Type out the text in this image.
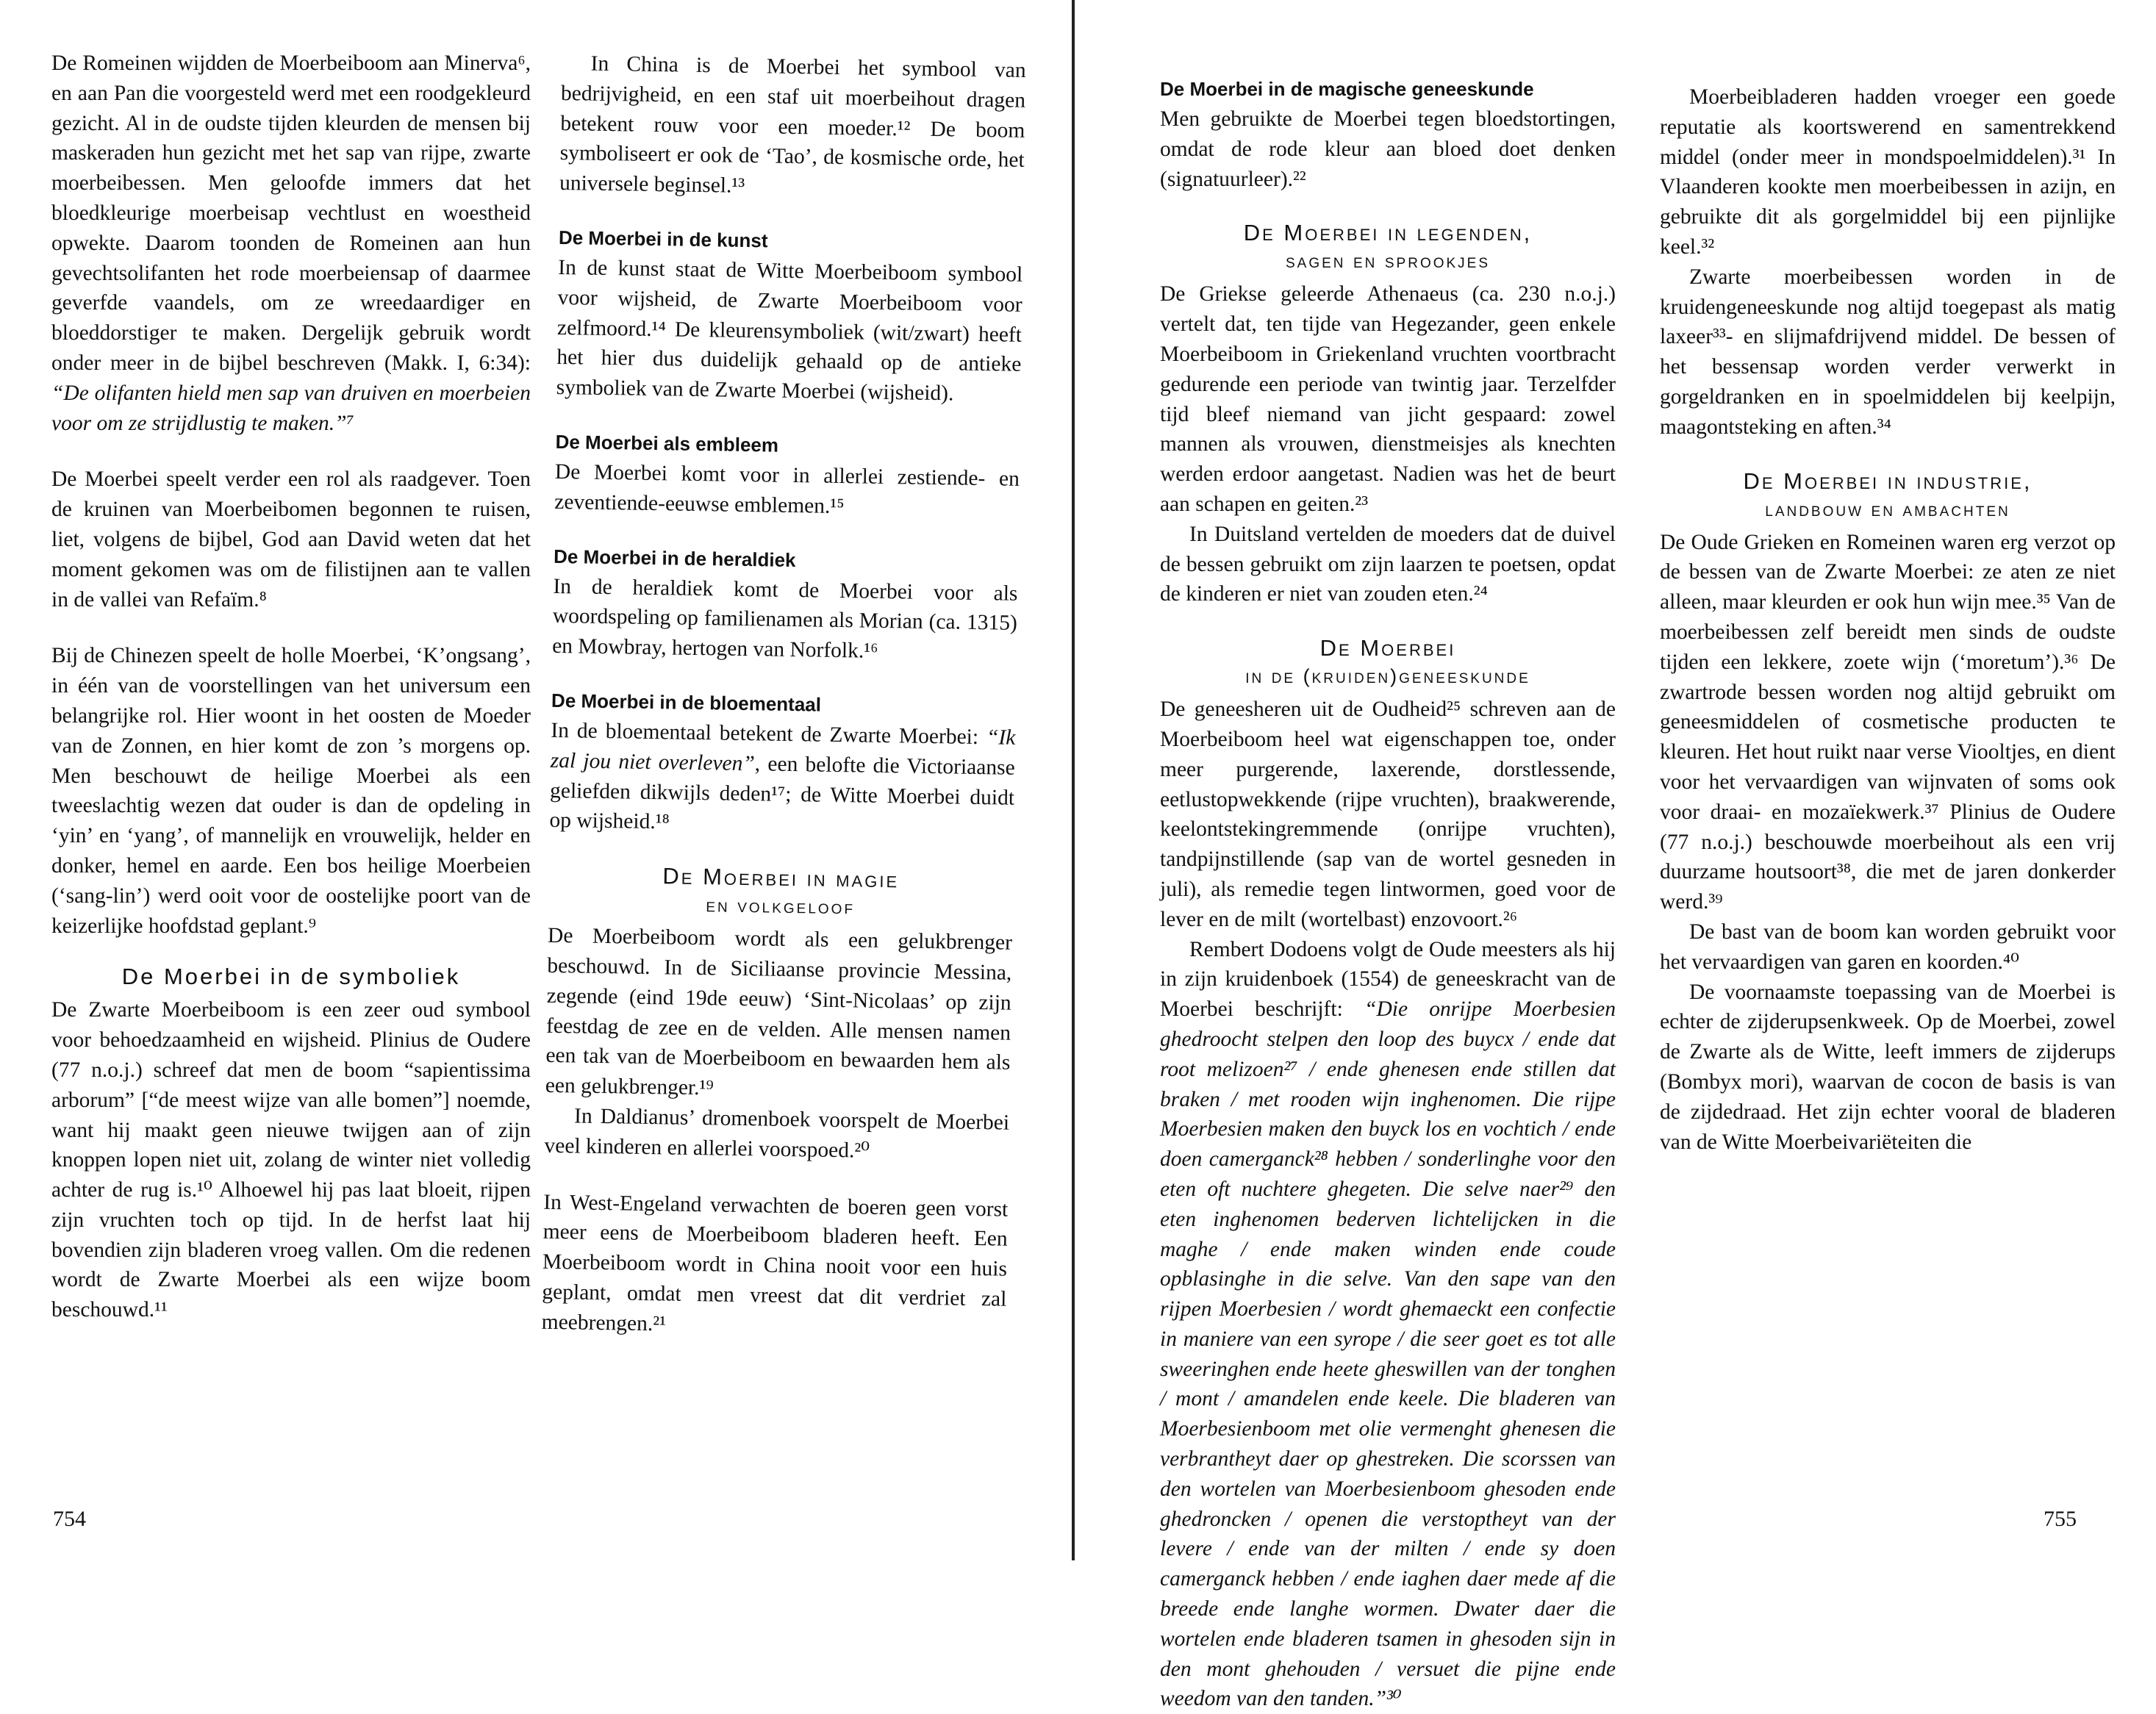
De Romeinen wijdden de Moerbeiboom aan Minerva⁶, en aan Pan die voorgesteld werd met een roodgekleurd gezicht. Al in de oudste tijden kleurden de mensen bij maskeraden hun gezicht met het sap van rijpe, zwarte moerbeibessen. Men geloofde immers dat het bloedkleurige moerbeisap vechtlust en woestheid opwekte. Daarom toonden de Romeinen aan hun gevechtsolifanten het rode moerbeiensap of daarmee geverfde vaandels, om ze wreedaardiger en bloeddorstiger te maken. Dergelijk gebruik wordt onder meer in de bijbel beschreven (Makk. I, 6:34): “De olifanten hield men sap van druiven en moerbeien voor om ze strijdlustig te maken.”⁷

De Moerbei speelt verder een rol als raadgever. Toen de kruinen van Moerbeibomen begonnen te ruisen, liet, volgens de bijbel, God aan David weten dat het moment gekomen was om de filistijnen aan te vallen in de vallei van Refaïm.⁸

Bij de Chinezen speelt de holle Moerbei, ‘K’ongsang’, in één van de voorstellingen van het universum een belangrijke rol. Hier woont in het oosten de Moeder van de Zonnen, en hier komt de zon ’s morgens op. Men beschouwt de heilige Moerbei als een tweeslachtig wezen dat ouder is dan de opdeling in ‘yin’ en ‘yang’, of mannelijk en vrouwelijk, helder en donker, hemel en aarde. Een bos heilige Moerbeien (‘sang-lin’) werd ooit voor de oostelijke poort van de keizerlijke hoofdstad geplant.⁹

De Moerbei in de symboliek

De Zwarte Moerbeiboom is een zeer oud symbool voor behoedzaamheid en wijsheid. Plinius de Oudere (77 n.o.j.) schreef dat men de boom “sapientissima arborum” [“de meest wijze van alle bomen”] noemde, want hij maakt geen nieuwe twijgen aan of zijn knoppen lopen niet uit, zolang de winter niet volledig achter de rug is.¹⁰ Alhoewel hij pas laat bloeit, rijpen zijn vruchten toch op tijd. In de herfst laat hij bovendien zijn bladeren vroeg vallen. Om die redenen wordt de Zwarte Moerbei als een wijze boom beschouwd.¹¹

In China is de Moerbei het symbool van bedrijvigheid, en een staf uit moerbeihout dragen betekent rouw voor een moeder.¹² De boom symboliseert er ook de ‘Tao’, de kosmische orde, het universele beginsel.¹³

De Moerbei in de kunst

In de kunst staat de Witte Moerbeiboom symbool voor wijsheid, de Zwarte Moerbeiboom voor zelfmoord.¹⁴ De kleurensymboliek (wit/zwart) heeft het hier dus duidelijk gehaald op de antieke symboliek van de Zwarte Moerbei (wijsheid).

De Moerbei als embleem

De Moerbei komt voor in allerlei zestiende- en zeventiende-eeuwse emblemen.¹⁵

De Moerbei in de heraldiek

In de heraldiek komt de Moerbei voor als woordspeling op familienamen als Morian (ca. 1315) en Mowbray, hertogen van Norfolk.¹⁶

De Moerbei in de bloementaal

In de bloementaal betekent de Zwarte Moerbei: “Ik zal jou niet overleven”, een belofte die Victoriaanse geliefden dikwijls deden¹⁷; de Witte Moerbei duidt op wijsheid.¹⁸

De Moerbei in magie
en volkgeloof

De Moerbeiboom wordt als een gelukbrenger beschouwd. In de Siciliaanse provincie Messina, zegende (eind 19de eeuw) ‘Sint-Nicolaas’ op zijn feestdag de zee en de velden. Alle mensen namen een tak van de Moerbeiboom en bewaarden hem als een gelukbrenger.¹⁹

In Daldianus’ dromenboek voorspelt de Moerbei veel kinderen en allerlei voorspoed.²⁰

In West-Engeland verwachten de boeren geen vorst meer eens de Moerbeiboom bladeren heeft. Een Moerbeiboom wordt in China nooit voor een huis geplant, omdat men vreest dat dit verdriet zal meebrengen.²¹

754
De Moerbei in de magische geneeskunde

Men gebruikte de Moerbei tegen bloedstortingen, omdat de rode kleur aan bloed doet denken (signatuurleer).²²

De Moerbei in legenden,
sagen en sprookjes

De Griekse geleerde Athenaeus (ca. 230 n.o.j.) vertelt dat, ten tijde van Hegezander, geen enkele Moerbeiboom in Griekenland vruchten voortbracht gedurende een periode van twintig jaar. Terzelfder tijd bleef niemand van jicht gespaard: zowel mannen als vrouwen, dienstmeisjes als knechten werden erdoor aangetast. Nadien was het de beurt aan schapen en geiten.²³

In Duitsland vertelden de moeders dat de duivel de bessen gebruikt om zijn laarzen te poetsen, opdat de kinderen er niet van zouden eten.²⁴

De Moerbei
in de (kruiden)geneeskunde

De geneesheren uit de Oudheid²⁵ schreven aan de Moerbeiboom heel wat eigenschappen toe, onder meer purgerende, laxerende, dorstlessende, eetlustopwekkende (rijpe vruchten), braakwerende, keelontstekingremmende (onrijpe vruchten), tandpijnstillende (sap van de wortel gesneden in juli), als remedie tegen lintwormen, goed voor de lever en de milt (wortelbast) enzovoort.²⁶

Rembert Dodoens volgt de Oude meesters als hij in zijn kruidenboek (1554) de geneeskracht van de Moerbei beschrijft: “Die onrijpe Moerbesien ghedroocht stelpen den loop des buycx / ende dat root melizoen²⁷ / ende ghenesen ende stillen dat braken / met rooden wijn inghenomen. Die rijpe Moerbesien maken den buyck los en vochtich / ende doen camerganck²⁸ hebben / sonderlinghe voor den eten oft nuchtere ghegeten. Die selve naer²⁹ den eten inghenomen bederven lichtelijcken in die maghe / ende maken winden ende coude opblasinghe in die selve. Van den sape van den rijpen Moerbesien / wordt ghemaeckt een confectie in maniere van een syrope / die seer goet es tot alle sweeringhen ende heete gheswillen van der tonghen / mont / amandelen ende keele. Die bladeren van Moerbesienboom met olie vermenght ghenesen die verbrantheyt daer op ghestreken. Die scorssen van den wortelen van Moerbesienboom ghesoden ende ghedroncken / openen die verstoptheyt van der levere / ende van der milten / ende sy doen camerganck hebben / ende iaghen daer mede af die breede ende langhe wormen. Dwater daer die wortelen ende bladeren tsamen in ghesoden sijn in den mont ghehouden / versuet die pijne ende weedom van den tanden.”³⁰

Moerbeibladeren hadden vroeger een goede reputatie als koortswerend en samentrekkend middel (onder meer in mondspoelmiddelen).³¹ In Vlaanderen kookte men moerbeibessen in azijn, en gebruikte dit als gorgelmiddel bij een pijnlijke keel.³²

Zwarte moerbeibessen worden in de kruidengeneeskunde nog altijd toegepast als matig laxeer³³- en slijmafdrijvend middel. De bessen of het bessensap worden verder verwerkt in gorgeldranken en in spoelmiddelen bij keelpijn, maagontsteking en aften.³⁴

De Moerbei in industrie,
landbouw en ambachten

De Oude Grieken en Romeinen waren erg verzot op de bessen van de Zwarte Moerbei: ze aten ze niet alleen, maar kleurden er ook hun wijn mee.³⁵ Van de moerbeibessen zelf bereidt men sinds de oudste tijden een lekkere, zoete wijn (‘moretum’).³⁶ De zwartrode bessen worden nog altijd gebruikt om geneesmiddelen of cosmetische producten te kleuren. Het hout ruikt naar verse Viooltjes, en dient voor het vervaardigen van wijnvaten of soms ook voor draai- en mozaïekwerk.³⁷ Plinius de Oudere (77 n.o.j.) beschouwde moerbeihout als een vrij duurzame houtsoort³⁸, die met de jaren donkerder werd.³⁹

De bast van de boom kan worden gebruikt voor het vervaardigen van garen en koorden.⁴⁰

De voornaamste toepassing van de Moerbei is echter de zijderupsenkweek. Op de Moerbei, zowel de Zwarte als de Witte, leeft immers de zijderups (Bombyx mori), waarvan de cocon de basis is van de zijdedraad. Het zijn echter vooral de bladeren van de Witte Moerbeivariëteiten die

755
